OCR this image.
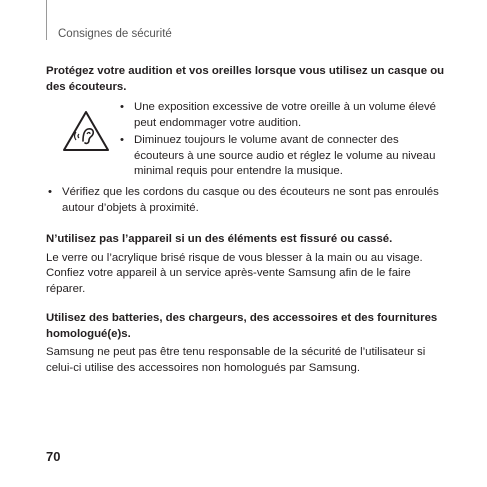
Consignes de sécurité

Protégez votre audition et vos oreilles lorsque vous utilisez un casque ou des écouteurs.

• Une exposition excessive de votre oreille à un volume élevé peut endommager votre audition.

• Diminuez toujours le volume avant de connecter des écouteurs à une source audio et réglez le volume au niveau minimal requis pour entendre la musique.

• Vérifiez que les cordons du casque ou des écouteurs ne sont pas enroulés autour d’objets à proximité.

N’utilisez pas l’appareil si un des éléments est fissuré ou cassé.

Le verre ou l’acrylique brisé risque de vous blesser à la main ou au visage. Confiez votre appareil à un service après-vente Samsung afin de le faire réparer.

Utilisez des batteries, des chargeurs, des accessoires et des fournitures homologué(e)s.

Samsung ne peut pas être tenu responsable de la sécurité de l’utilisateur si celui-ci utilise des accessoires non homologués par Samsung.

70
